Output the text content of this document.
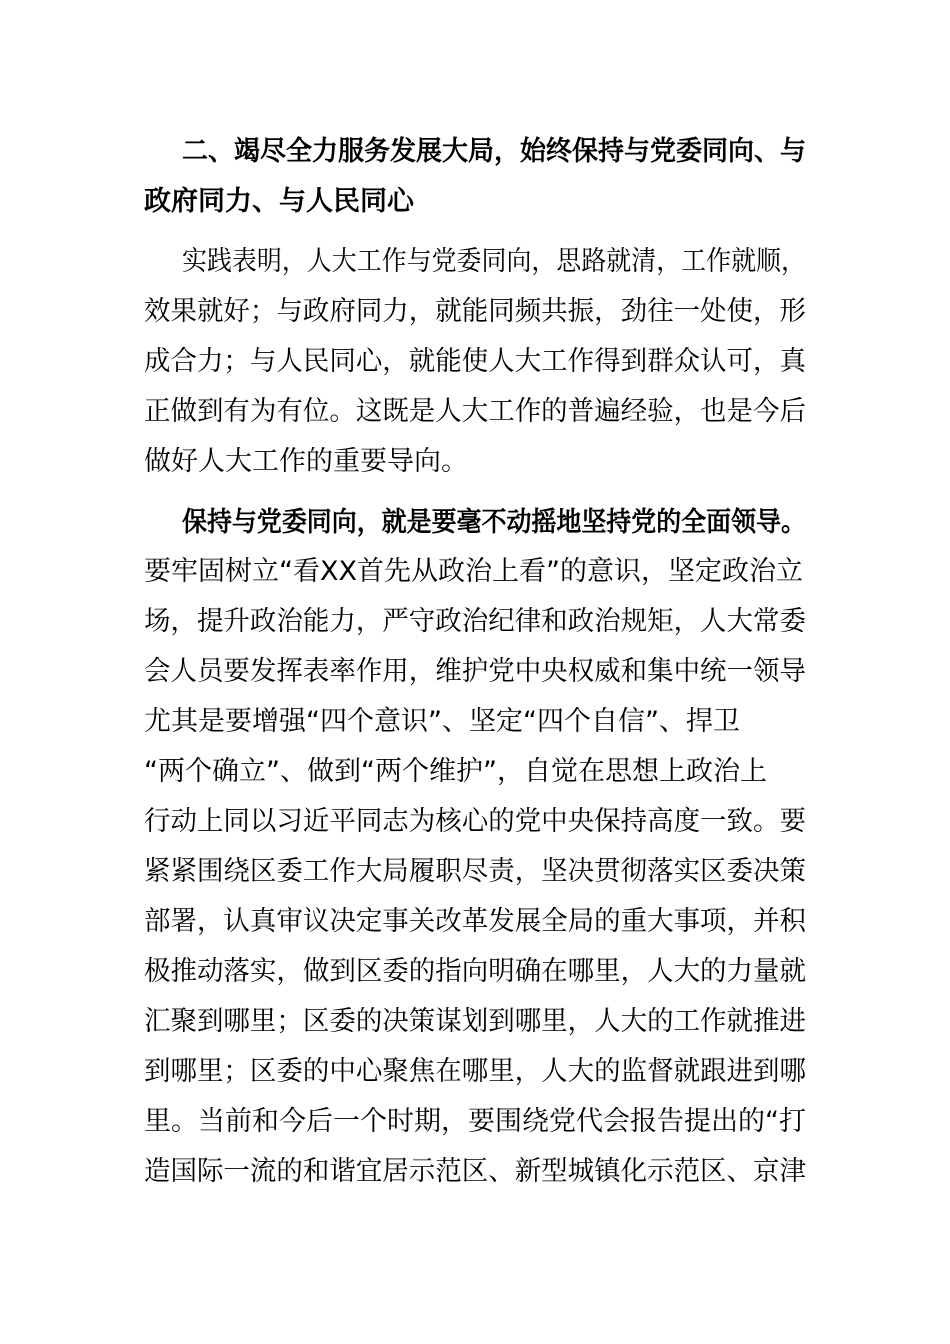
二、竭尽全力服务发展大局，始终保持与党委同向、与
政府同力、与人民同心
实践表明，人大工作与党委同向，思路就清，工作就顺，
效果就好；与政府同力，就能同频共振，劲往一处使，形
成合力；与人民同心，就能使人大工作得到群众认可，真
正做到有为有位。这既是人大工作的普遍经验，也是今后
做好人大工作的重要导向。
保持与党委同向，就是要毫不动摇地坚持党的全面领导。
要牢固树立“看XX首先从政治上看”的意识，坚定政治立
场，提升政治能力，严守政治纪律和政治规矩，人大常委
会人员要发挥表率作用，维护党中央权威和集中统一领导
尤其是要增强“四个意识”、坚定“四个自信”、捍卫
“两个确立”、做到“两个维护”，自觉在思想上政治上
行动上同以习近平同志为核心的党中央保持高度一致。要
紧紧围绕区委工作大局履职尽责，坚决贯彻落实区委决策
部署，认真审议决定事关改革发展全局的重大事项，并积
极推动落实，做到区委的指向明确在哪里，人大的力量就
汇聚到哪里；区委的决策谋划到哪里，人大的工作就推进
到哪里；区委的中心聚焦在哪里，人大的监督就跟进到哪
里。当前和今后一个时期，要围绕党代会报告提出的“打
造国际一流的和谐宜居示范区、新型城镇化示范区、京津
